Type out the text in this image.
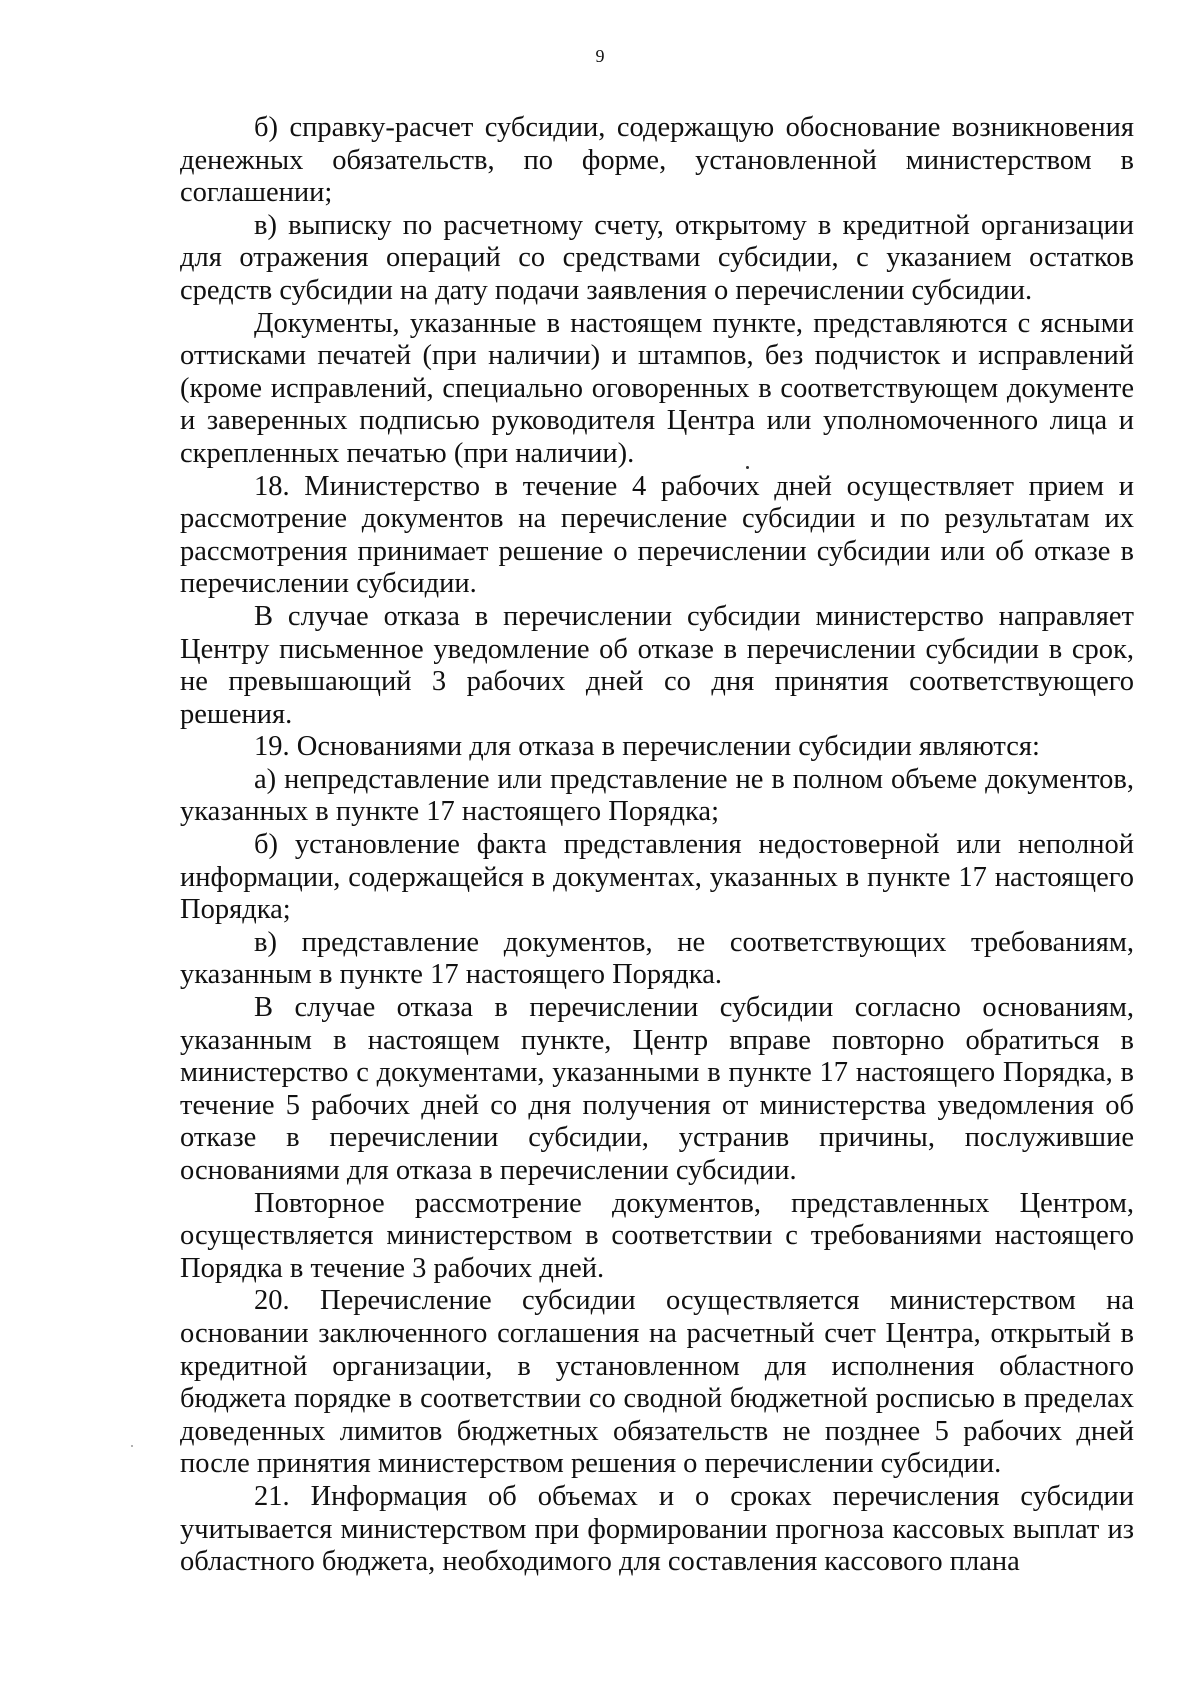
9

б) справку-расчет субсидии, содержащую обоснование возникновения денежных обязательств, по форме, установленной министерством в соглашении;

в) выписку по расчетному счету, открытому в кредитной организации для отражения операций со средствами субсидии, с указанием остатков средств субсидии на дату подачи заявления о перечислении субсидии.

Документы, указанные в настоящем пункте, представляются с ясными оттисками печатей (при наличии) и штампов, без подчисток и исправлений (кроме исправлений, специально оговоренных в соответствующем документе и заверенных подписью руководителя Центра или уполномоченного лица и скрепленных печатью (при наличии).

18. Министерство в течение 4 рабочих дней осуществляет прием и рассмотрение документов на перечисление субсидии и по результатам их рассмотрения принимает решение о перечислении субсидии или об отказе в перечислении субсидии.

В случае отказа в перечислении субсидии министерство направляет Центру письменное уведомление об отказе в перечислении субсидии в срок, не превышающий 3 рабочих дней со дня принятия соответствующего решения.

19. Основаниями для отказа в перечислении субсидии являются:

а) непредставление или представление не в полном объеме документов, указанных в пункте 17 настоящего Порядка;

б) установление факта представления недостоверной или неполной информации, содержащейся в документах, указанных в пункте 17 настоящего Порядка;

в) представление документов, не соответствующих требованиям, указанным в пункте 17 настоящего Порядка.

В случае отказа в перечислении субсидии согласно основаниям, указанным в настоящем пункте, Центр вправе повторно обратиться в министерство с документами, указанными в пункте 17 настоящего Порядка, в течение 5 рабочих дней со дня получения от министерства уведомления об отказе в перечислении субсидии, устранив причины, послужившие основаниями для отказа в перечислении субсидии.

Повторное рассмотрение документов, представленных Центром, осуществляется министерством в соответствии с требованиями настоящего Порядка в течение 3 рабочих дней.

20. Перечисление субсидии осуществляется министерством на основании заключенного соглашения на расчетный счет Центра, открытый в кредитной организации, в установленном для исполнения областного бюджета порядке в соответствии со сводной бюджетной росписью в пределах доведенных лимитов бюджетных обязательств не позднее 5 рабочих дней после принятия министерством решения о перечислении субсидии.

21. Информация об объемах и о сроках перечисления субсидии учитывается министерством при формировании прогноза кассовых выплат из областного бюджета, необходимого для составления кассового плана
